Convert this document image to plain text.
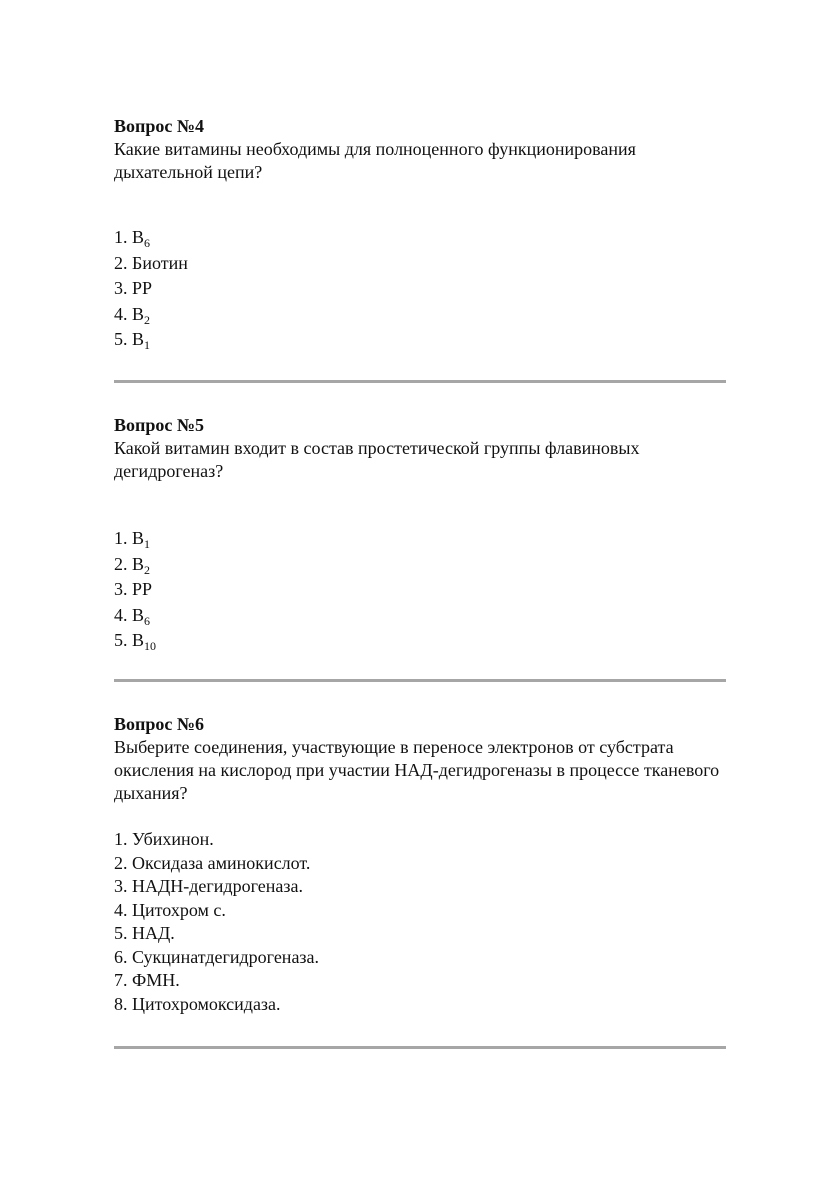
Вопрос №4

Какие витамины необходимы для полноценного функционирования дыхательной цепи?

1. $В_6$
2. Биотин
3. РР
4. $В_2$
5. $В_1$

Вопрос №5

Какой витамин входит в состав простетической группы флавиновых дегидрогеназ?

1. $В_1$
2. $В_2$
3. РР
4. $В_6$
5. $В_{10}$

Вопрос №6

Выберите соединения, участвующие в переносе электронов от субстрата окисления на кислород при участии НАД-дегидрогеназы в процессе тканевого дыхания?

1. Убихинон.
2. Оксидаза аминокислот.
3. НАДН-дегидрогеназа.
4. Цитохром с.
5. НАД.
6. Сукцинатдегидрогеназа.
7. ФМН.
8. Цитохромоксидаза.
